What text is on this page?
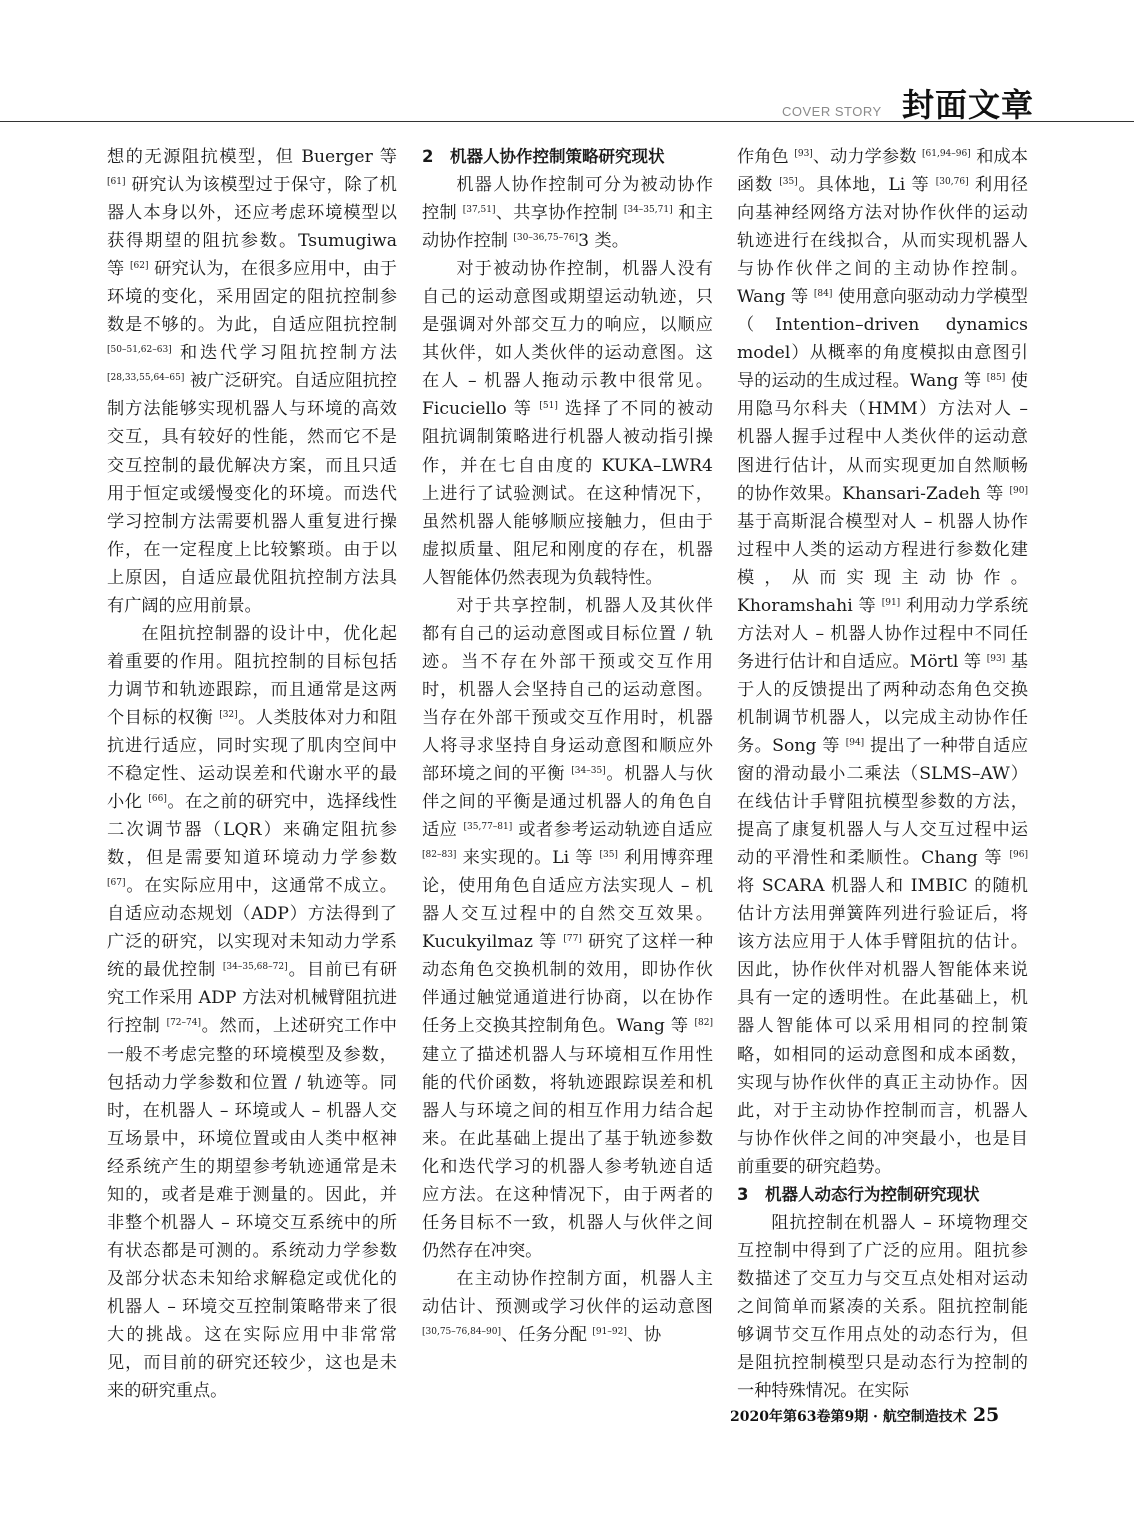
COVER STORY 封面文章

想的无源阻抗模型，但 Buerger 等 [61] 研究认为该模型过于保守，除了机器人本身以外，还应考虑环境模型以获得期望的阻抗参数。Tsumugiwa 等 [62] 研究认为，在很多应用中，由于环境的变化，采用固定的阻抗控制参数是不够的。为此，自适应阻抗控制 [50–51,62–63] 和迭代学习阻抗控制方法 [28,33,55,64–65] 被广泛研究。自适应阻抗控制方法能够实现机器人与环境的高效交互，具有较好的性能，然而它不是交互控制的最优解决方案，而且只适用于恒定或缓慢变化的环境。而迭代学习控制方法需要机器人重复进行操作，在一定程度上比较繁琐。由于以上原因，自适应最优阻抗控制方法具有广阔的应用前景。

在阻抗控制器的设计中，优化起着重要的作用。阻抗控制的目标包括力调节和轨迹跟踪，而且通常是这两个目标的权衡 [32]。人类肢体对力和阻抗进行适应，同时实现了肌肉空间中不稳定性、运动误差和代谢水平的最小化 [66]。在之前的研究中，选择线性二次调节器（LQR）来确定阻抗参数，但是需要知道环境动力学参数 [67]。在实际应用中，这通常不成立。自适应动态规划（ADP）方法得到了广泛的研究，以实现对未知动力学系统的最优控制 [34–35,68–72]。目前已有研究工作采用 ADP 方法对机械臂阻抗进行控制 [72–74]。然而，上述研究工作中一般不考虑完整的环境模型及参数，包括动力学参数和位置 / 轨迹等。同时，在机器人 – 环境或人 – 机器人交互场景中，环境位置或由人类中枢神经系统产生的期望参考轨迹通常是未知的，或者是难于测量的。因此，并非整个机器人 – 环境交互系统中的所有状态都是可测的。系统动力学参数及部分状态未知给求解稳定或优化的机器人 – 环境交互控制策略带来了很大的挑战。这在实际应用中非常常见，而目前的研究还较少，这也是未来的研究重点。

2　机器人协作控制策略研究现状

机器人协作控制可分为被动协作控制 [37,51]、共享协作控制 [34–35,71] 和主动协作控制 [30–36,75–76]3 类。

对于被动协作控制，机器人没有自己的运动意图或期望运动轨迹，只是强调对外部交互力的响应，以顺应其伙伴，如人类伙伴的运动意图。这在人 – 机器人拖动示教中很常见。Ficuciello 等 [51] 选择了不同的被动阻抗调制策略进行机器人被动指引操作，并在七自由度的 KUKA–LWR4 上进行了试验测试。在这种情况下，虽然机器人能够顺应接触力，但由于虚拟质量、阻尼和刚度的存在，机器人智能体仍然表现为负载特性。

对于共享控制，机器人及其伙伴都有自己的运动意图或目标位置 / 轨迹。当不存在外部干预或交互作用时，机器人会坚持自己的运动意图。当存在外部干预或交互作用时，机器人将寻求坚持自身运动意图和顺应外部环境之间的平衡 [34–35]。机器人与伙伴之间的平衡是通过机器人的角色自适应 [35,77–81] 或者参考运动轨迹自适应 [82–83] 来实现的。Li 等 [35] 利用博弈理论，使用角色自适应方法实现人 – 机器人交互过程中的自然交互效果。Kucukyilmaz 等 [77] 研究了这样一种动态角色交换机制的效用，即协作伙伴通过触觉通道进行协商，以在协作任务上交换其控制角色。Wang 等 [82] 建立了描述机器人与环境相互作用性能的代价函数，将轨迹跟踪误差和机器人与环境之间的相互作用力结合起来。在此基础上提出了基于轨迹参数化和迭代学习的机器人参考轨迹自适应方法。在这种情况下，由于两者的任务目标不一致，机器人与伙伴之间仍然存在冲突。

在主动协作控制方面，机器人主动估计、预测或学习伙伴的运动意图 [30,75–76,84–90]、任务分配 [91–92]、协

作角色 [93]、动力学参数 [61,94–96] 和成本函数 [35]。具体地，Li 等 [30,76] 利用径向基神经网络方法对协作伙伴的运动轨迹进行在线拟合，从而实现机器人与协作伙伴之间的主动协作控制。Wang 等 [84] 使用意向驱动动力学模型（Intention–driven dynamics model）从概率的角度模拟由意图引导的运动的生成过程。Wang 等 [85] 使用隐马尔科夫（HMM）方法对人 – 机器人握手过程中人类伙伴的运动意图进行估计，从而实现更加自然顺畅的协作效果。Khansari-Zadeh 等 [90] 基于高斯混合模型对人 – 机器人协作过程中人类的运动方程进行参数化建模，从而实现主动协作。Khoramshahi 等 [91] 利用动力学系统方法对人 – 机器人协作过程中不同任务进行估计和自适应。Mörtl 等 [93] 基于人的反馈提出了两种动态角色交换机制调节机器人，以完成主动协作任务。Song 等 [94] 提出了一种带自适应窗的滑动最小二乘法（SLMS–AW）在线估计手臂阻抗模型参数的方法，提高了康复机器人与人交互过程中运动的平滑性和柔顺性。Chang 等 [96] 将 SCARA 机器人和 IMBIC 的随机估计方法用弹簧阵列进行验证后，将该方法应用于人体手臂阻抗的估计。因此，协作伙伴对机器人智能体来说具有一定的透明性。在此基础上，机器人智能体可以采用相同的控制策略，如相同的运动意图和成本函数，实现与协作伙伴的真正主动协作。因此，对于主动协作控制而言，机器人与协作伙伴之间的冲突最小，也是目前重要的研究趋势。

3　机器人动态行为控制研究现状

阻抗控制在机器人 – 环境物理交互控制中得到了广泛的应用。阻抗参数描述了交互力与交互点处相对运动之间简单而紧凑的关系。阻抗控制能够调节交互作用点处的动态行为，但是阻抗控制模型只是动态行为控制的一种特殊情况。在实际

2020年第63卷第9期 · 航空制造技术 25
